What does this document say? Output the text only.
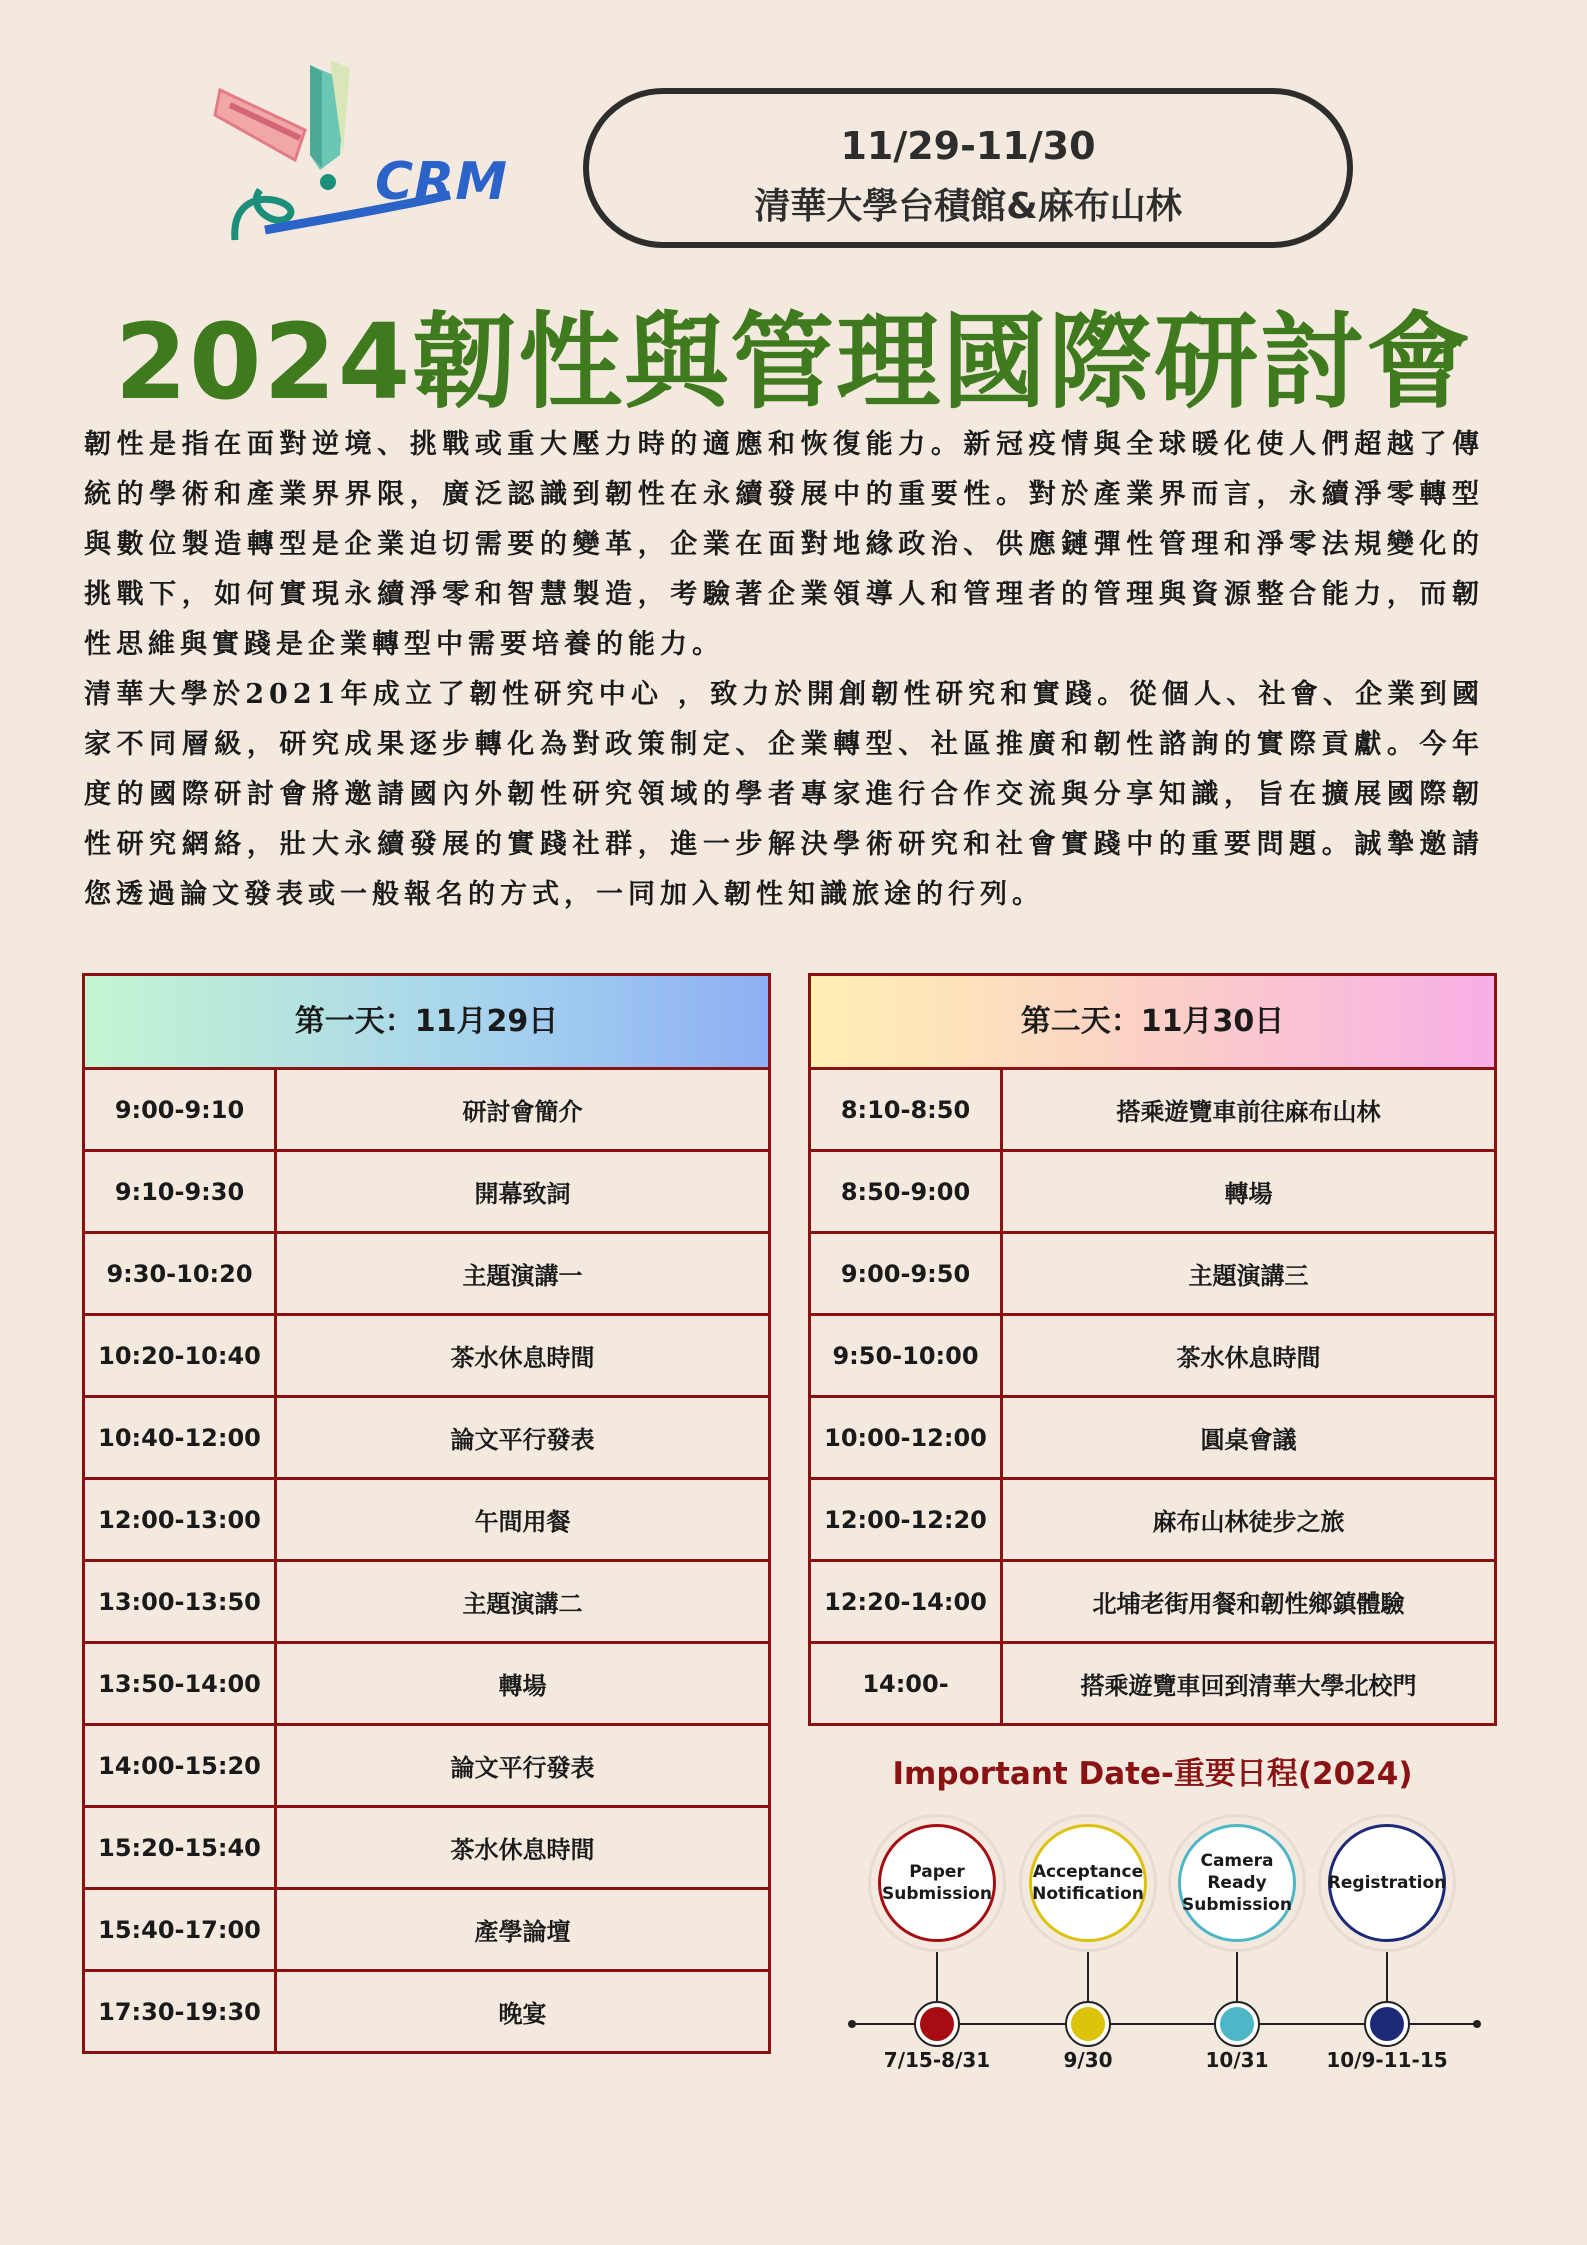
CRM
11/29-11/30
清華大學台積館&麻布山林
2024韌性與管理國際研討會

韌性是指在面對逆境、挑戰或重大壓力時的適應和恢復能力。新冠疫情與全球暖化使人們超越了傳統的學術和產業界界限，廣泛認識到韌性在永續發展中的重要性。對於產業界而言，永續淨零轉型與數位製造轉型是企業迫切需要的變革，企業在面對地緣政治、供應鏈彈性管理和淨零法規變化的挑戰下，如何實現永續淨零和智慧製造，考驗著企業領導人和管理者的管理與資源整合能力，而韌性思維與實踐是企業轉型中需要培養的能力。

清華大學於2021年成立了韌性研究中心 ，致力於開創韌性研究和實踐。從個人、社會、企業到國家不同層級，研究成果逐步轉化為對政策制定、企業轉型、社區推廣和韌性諮詢的實際貢獻。今年度的國際研討會將邀請國內外韌性研究領域的學者專家進行合作交流與分享知識，旨在擴展國際韌性研究網絡，壯大永續發展的實踐社群，進一步解決學術研究和社會實踐中的重要問題。誠摯邀請您透過論文發表或一般報名的方式，一同加入韌性知識旅途的行列。

第一天：11月29日
9:00-9:10	研討會簡介
9:10-9:30	開幕致詞
9:30-10:20	主題演講一
10:20-10:40	茶水休息時間
10:40-12:00	論文平行發表
12:00-13:00	午間用餐
13:00-13:50	主題演講二
13:50-14:00	轉場
14:00-15:20	論文平行發表
15:20-15:40	茶水休息時間
15:40-17:00	產學論壇
17:30-19:30	晚宴
第二天：11月30日
8:10-8:50	搭乘遊覽車前往麻布山林
8:50-9:00	轉場
9:00-9:50	主題演講三
9:50-10:00	茶水休息時間
10:00-12:00	圓桌會議
12:00-12:20	麻布山林徒步之旅
12:20-14:00	北埔老街用餐和韌性鄉鎮體驗
14:00-	搭乘遊覽車回到清華大學北校門
Important Date-重要日程(2024)
Paper
Submission
7/15-8/31
Acceptance
Notification
9/30
Camera
Ready
Submission
10/31
Registration
10/9-11-15
